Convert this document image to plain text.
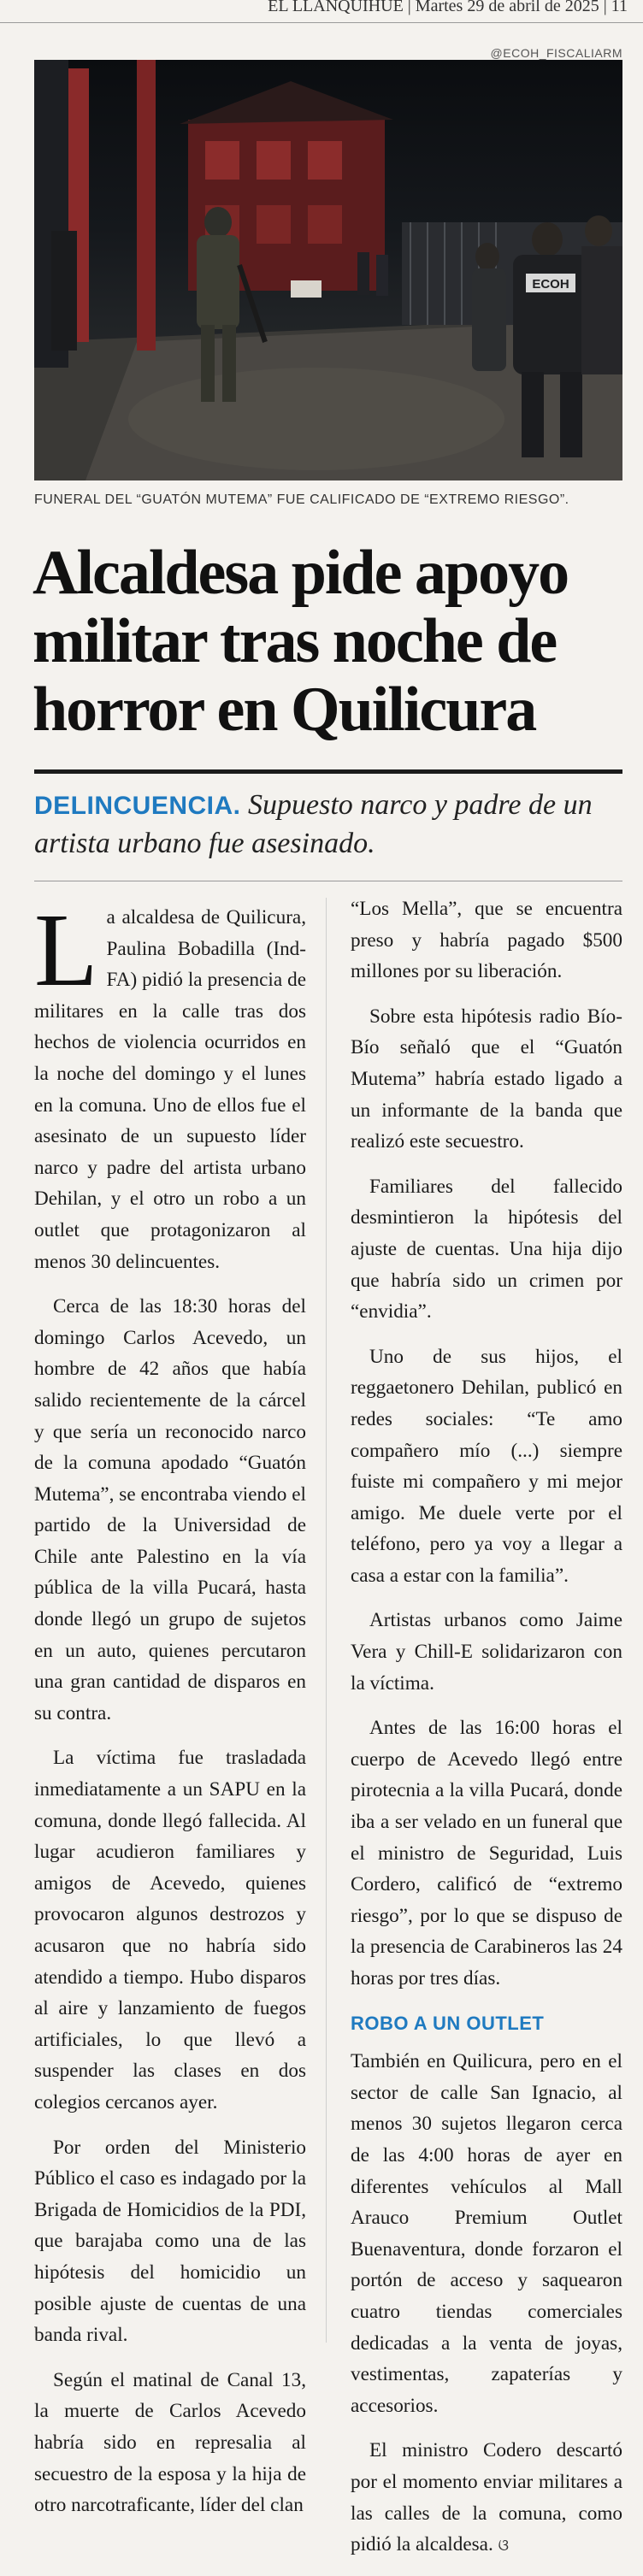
EL LLANQUIHUE | Martes 29 de abril de 2025 | 11
@ECOH_FISCALIARM
ECOH
FUNERAL DEL “GUATÓN MUTEMA” FUE CALIFICADO DE “EXTREMO RIESGO”.
Alcaldesa pide apoyo militar tras noche de horror en Quilicura
DELINCUENCIA. Supuesto narco y padre de un artista urbano fue asesinado.

La alcaldesa de Quilicura, Paulina Bobadilla (Ind-FA) pidió la presencia de militares en la calle tras dos hechos de violencia ocurridos en la noche del domingo y el lunes en la comuna. Uno de ellos fue el asesinato de un supuesto líder narco y padre del artista urbano Dehilan, y el otro un robo a un outlet que protagonizaron al menos 30 delincuentes.

Cerca de las 18:30 horas del domingo Carlos Acevedo, un hombre de 42 años que había salido recientemente de la cárcel y que sería un reconocido narco de la comuna apodado “Guatón Mutema”, se encontraba viendo el partido de la Universidad de Chile ante Palestino en la vía pública de la villa Pucará, hasta donde llegó un grupo de sujetos en un auto, quienes percutaron una gran cantidad de disparos en su contra.

La víctima fue trasladada inmediatamente a un SAPU en la comuna, donde llegó fallecida. Al lugar acudieron familiares y amigos de Acevedo, quienes provocaron algunos destrozos y acusaron que no habría sido atendido a tiempo. Hubo disparos al aire y lanzamiento de fuegos artificiales, lo que llevó a suspender las clases en dos colegios cercanos ayer.

Por orden del Ministerio Público el caso es indagado por la Brigada de Homicidios de la PDI, que barajaba como una de las hipótesis del homicidio un posible ajuste de cuentas de una banda rival.

Según el matinal de Canal 13, la muerte de Carlos Acevedo habría sido en represalia al secuestro de la esposa y la hija de otro narcotraficante, líder del clan

“Los Mella”, que se encuentra preso y habría pagado $500 millones por su liberación.

Sobre esta hipótesis radio Bío-Bío señaló que el “Guatón Mutema” habría estado ligado a un informante de la banda que realizó este secuestro.

Familiares del fallecido desmintieron la hipótesis del ajuste de cuentas. Una hija dijo que habría sido un crimen por “envidia”.

Uno de sus hijos, el reggaetonero Dehilan, publicó en redes sociales: “Te amo compañero mío (...) siempre fuiste mi compañero y mi mejor amigo. Me duele verte por el teléfono, pero ya voy a llegar a casa a estar con la familia”.

Artistas urbanos como Jaime Vera y Chill-E solidarizaron con la víctima.

Antes de las 16:00 horas el cuerpo de Acevedo llegó entre pirotecnia a la villa Pucará, donde iba a ser velado en un funeral que el ministro de Seguridad, Luis Cordero, calificó de “extremo riesgo”, por lo que se dispuso de la presencia de Carabineros las 24 horas por tres días.

ROBO A UN OUTLET

También en Quilicura, pero en el sector de calle San Ignacio, al menos 30 sujetos llegaron cerca de las 4:00 horas de ayer en diferentes vehículos al Mall Arauco Premium Outlet Buenaventura, donde forzaron el portón de acceso y saquearon cuatro tiendas comerciales dedicadas a la venta de joyas, vestimentas, zapaterías y accesorios.

El ministro Codero descartó por el momento enviar militares a las calles de la comuna, como pidió la alcaldesa. ଓ
